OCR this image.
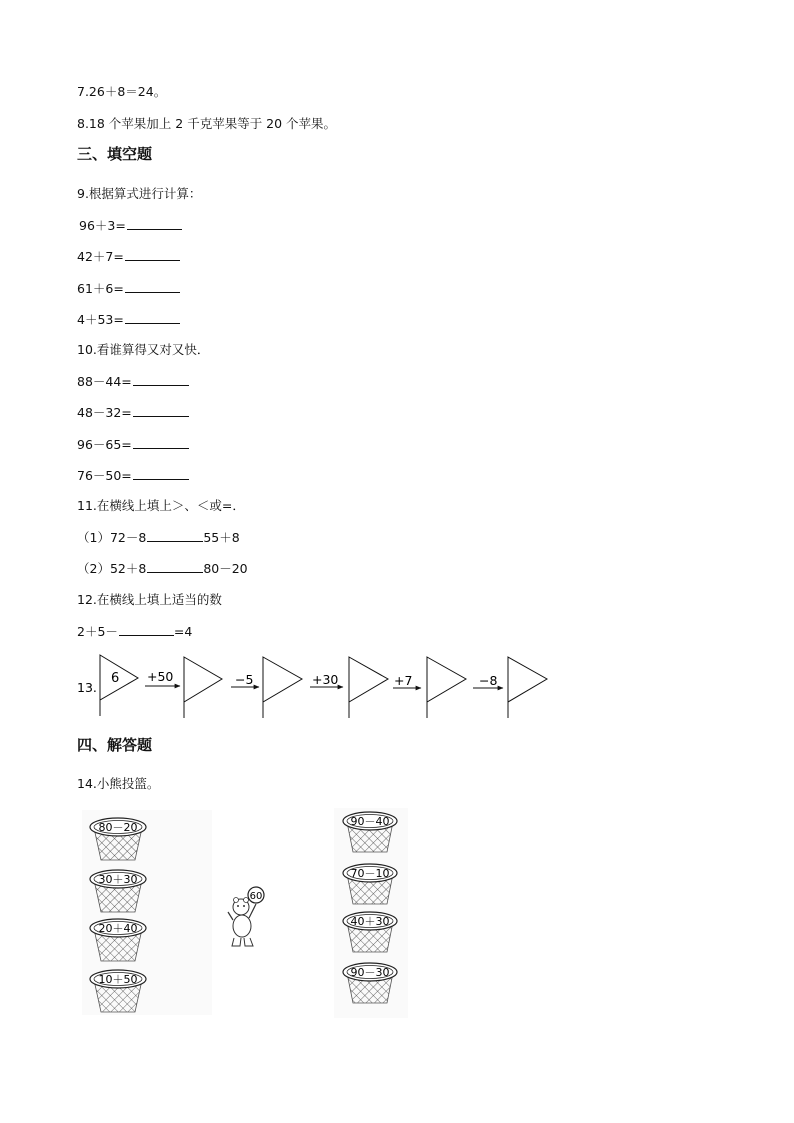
7.26＋8＝24。
8.18 个苹果加上 2 千克苹果等于 20 个苹果。
三、填空题
9.根据算式进行计算：
96＋3=
42＋7=
61＋6=
4＋53=
10.看谁算得又对又快．
88－44=
48－32=
96－65=
76－50=
11.在横线上填上＞、＜或=．
（1）72－8	55＋8
（2）52＋8	80－20
12.在横线上填上适当的数
2＋5－	=4
13.
6 +50	−5	+30	+7	−8
四、解答题
14.小熊投篮。
80－20
30＋30
20＋40
10＋50
60
90－40
70－10
40＋30
90－30
